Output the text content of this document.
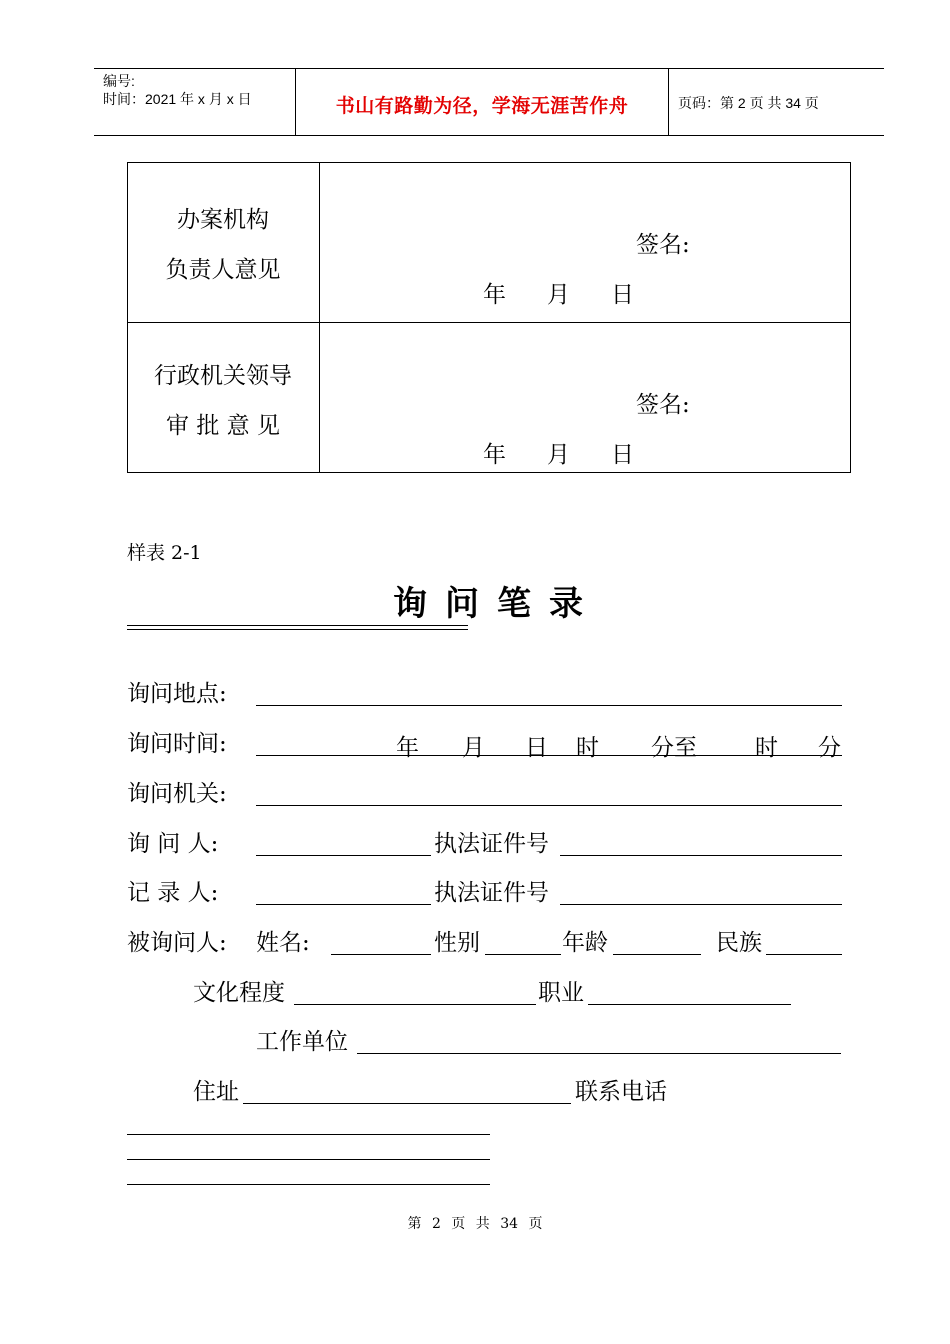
编号:
时间：2021 年 x 月 x 日	书山有路勤为径，学海无涯苦作舟	页码：第 2 页 共 34 页
办案机构
负责人意见
签名:
年 月 日
行政机关领导
审 批 意 见
签名:
年 月 日
样表 2-1
询问笔录
询问地点:
询问时间:	年 月 日 时 分至	时 分
询问机关:
询 问 人:	执法证件号
记 录 人:	执法证件号
被询问人: 姓名:	性别	年龄	民族
文化程度	职业
工作单位
住址	联系电话
第 2 页 共 34 页
